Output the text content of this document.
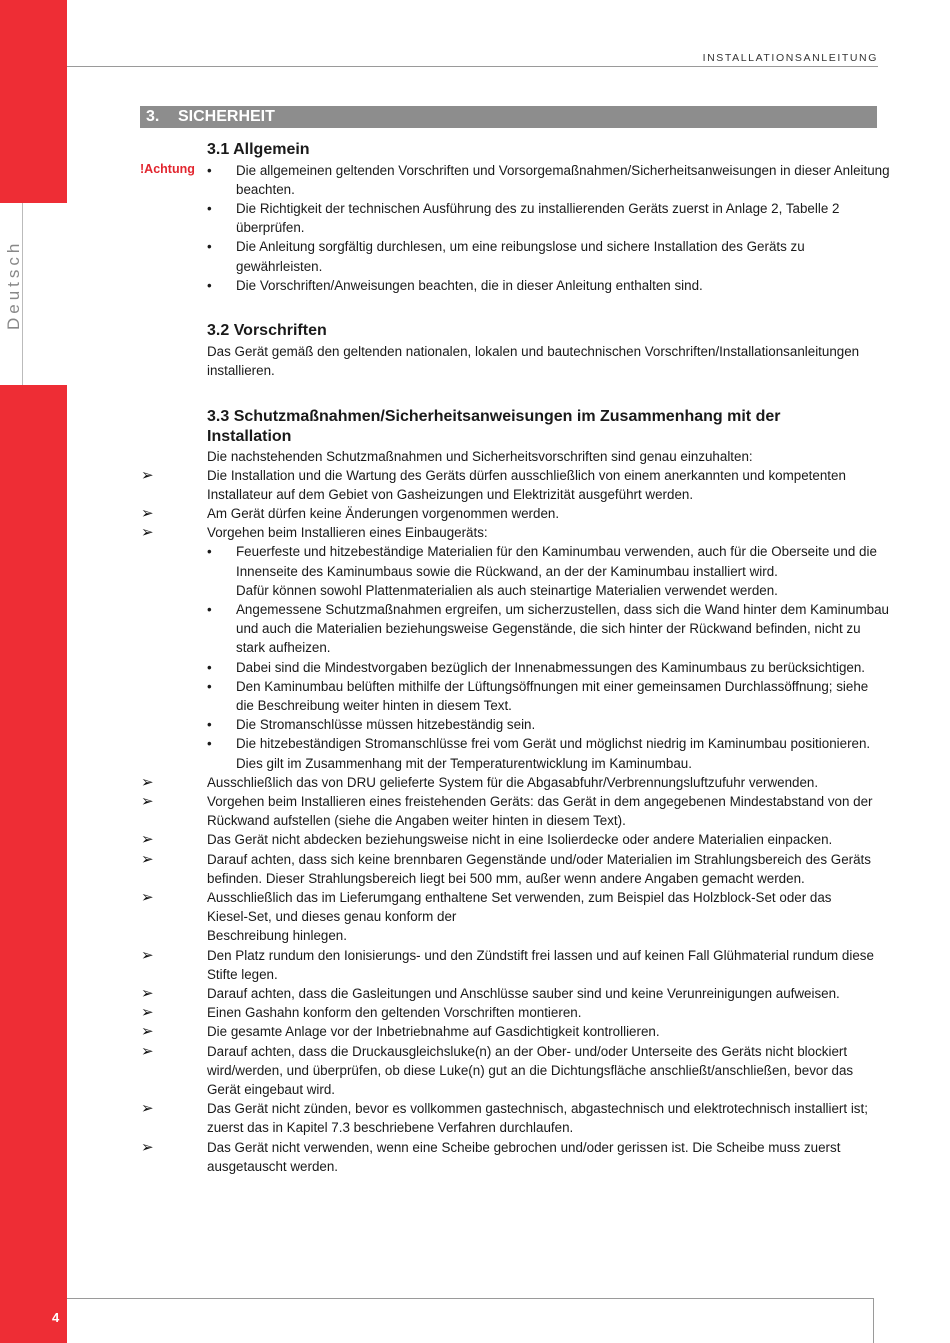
INSTALLATIONSANLEITUNG
Deutsch
4
3. SICHERHEIT
!Achtung
3.1 Allgemein
• Die allgemeinen geltenden Vorschriften und Vorsorgemaßnahmen/Sicherheitsanweisungen in dieser Anleitung
beachten.
• Die Richtigkeit der technischen Ausführung des zu installierenden Geräts zuerst in Anlage 2, Tabelle 2
überprüfen.
• Die Anleitung sorgfältig durchlesen, um eine reibungslose und sichere Installation des Geräts zu
gewährleisten.
• Die Vorschriften/Anweisungen beachten, die in dieser Anleitung enthalten sind.
3.2 Vorschriften
Das Gerät gemäß den geltenden nationalen, lokalen und bautechnischen Vorschriften/Installationsanleitungen
installieren.
3.3 Schutzmaßnahmen/Sicherheitsanweisungen im Zusammenhang mit der
Installation
Die nachstehenden Schutzmaßnahmen und Sicherheitsvorschriften sind genau einzuhalten:
➢	Die Installation und die Wartung des Geräts dürfen ausschließlich von einem anerkannten und kompetenten
Installateur auf dem Gebiet von Gasheizungen und Elektrizität ausgeführt werden.
➢	Am Gerät dürfen keine Änderungen vorgenommen werden.
➢	Vorgehen beim Installieren eines Einbaugeräts:
• Feuerfeste und hitzebeständige Materialien für den Kaminumbau verwenden, auch für die Oberseite und die
Innenseite des Kaminumbaus sowie die Rückwand, an der der Kaminumbau installiert wird.
Dafür können sowohl Plattenmaterialien als auch steinartige Materialien verwendet werden.
• Angemessene Schutzmaßnahmen ergreifen, um sicherzustellen, dass sich die Wand hinter dem Kaminumbau
und auch die Materialien beziehungsweise Gegenstände, die sich hinter der Rückwand befinden, nicht zu
stark aufheizen.
• Dabei sind die Mindestvorgaben bezüglich der Innenabmessungen des Kaminumbaus zu berücksichtigen.
• Den Kaminumbau belüften mithilfe der Lüftungsöffnungen mit einer gemeinsamen Durchlassöffnung; siehe
die Beschreibung weiter hinten in diesem Text.
• Die Stromanschlüsse müssen hitzebeständig sein.
• Die hitzebeständigen Stromanschlüsse frei vom Gerät und möglichst niedrig im Kaminumbau positionieren.
Dies gilt im Zusammenhang mit der Temperaturentwicklung im Kaminumbau.
➢	Ausschließlich das von DRU gelieferte System für die Abgasabfuhr/Verbrennungsluftzufuhr verwenden.
➢	Vorgehen beim Installieren eines freistehenden Geräts: das Gerät in dem angegebenen Mindestabstand von der
Rückwand aufstellen (siehe die Angaben weiter hinten in diesem Text).
➢	Das Gerät nicht abdecken beziehungsweise nicht in eine Isolierdecke oder andere Materialien einpacken.
➢	Darauf achten, dass sich keine brennbaren Gegenstände und/oder Materialien im Strahlungsbereich des Geräts
befinden. Dieser Strahlungsbereich liegt bei 500 mm, außer wenn andere Angaben gemacht werden.
➢	Ausschließlich das im Lieferumgang enthaltene Set verwenden, zum Beispiel das Holzblock-Set oder das
Kiesel-Set, und dieses genau konform der
Beschreibung hinlegen.
➢	Den Platz rundum den Ionisierungs- und den Zündstift frei lassen und auf keinen Fall Glühmaterial rundum diese
Stifte legen.
➢	Darauf achten, dass die Gasleitungen und Anschlüsse sauber sind und keine Verunreinigungen aufweisen.
➢	Einen Gashahn konform den geltenden Vorschriften montieren.
➢	Die gesamte Anlage vor der Inbetriebnahme auf Gasdichtigkeit kontrollieren.
➢	Darauf achten, dass die Druckausgleichsluke(n) an der Ober- und/oder Unterseite des Geräts nicht blockiert
wird/werden, und überprüfen, ob diese Luke(n) gut an die Dichtungsfläche anschließt/anschließen, bevor das
Gerät eingebaut wird.
➢	Das Gerät nicht zünden, bevor es vollkommen gastechnisch, abgastechnisch und elektrotechnisch installiert ist;
zuerst das in Kapitel 7.3 beschriebene Verfahren durchlaufen.
➢	Das Gerät nicht verwenden, wenn eine Scheibe gebrochen und/oder gerissen ist. Die Scheibe muss zuerst
ausgetauscht werden.
